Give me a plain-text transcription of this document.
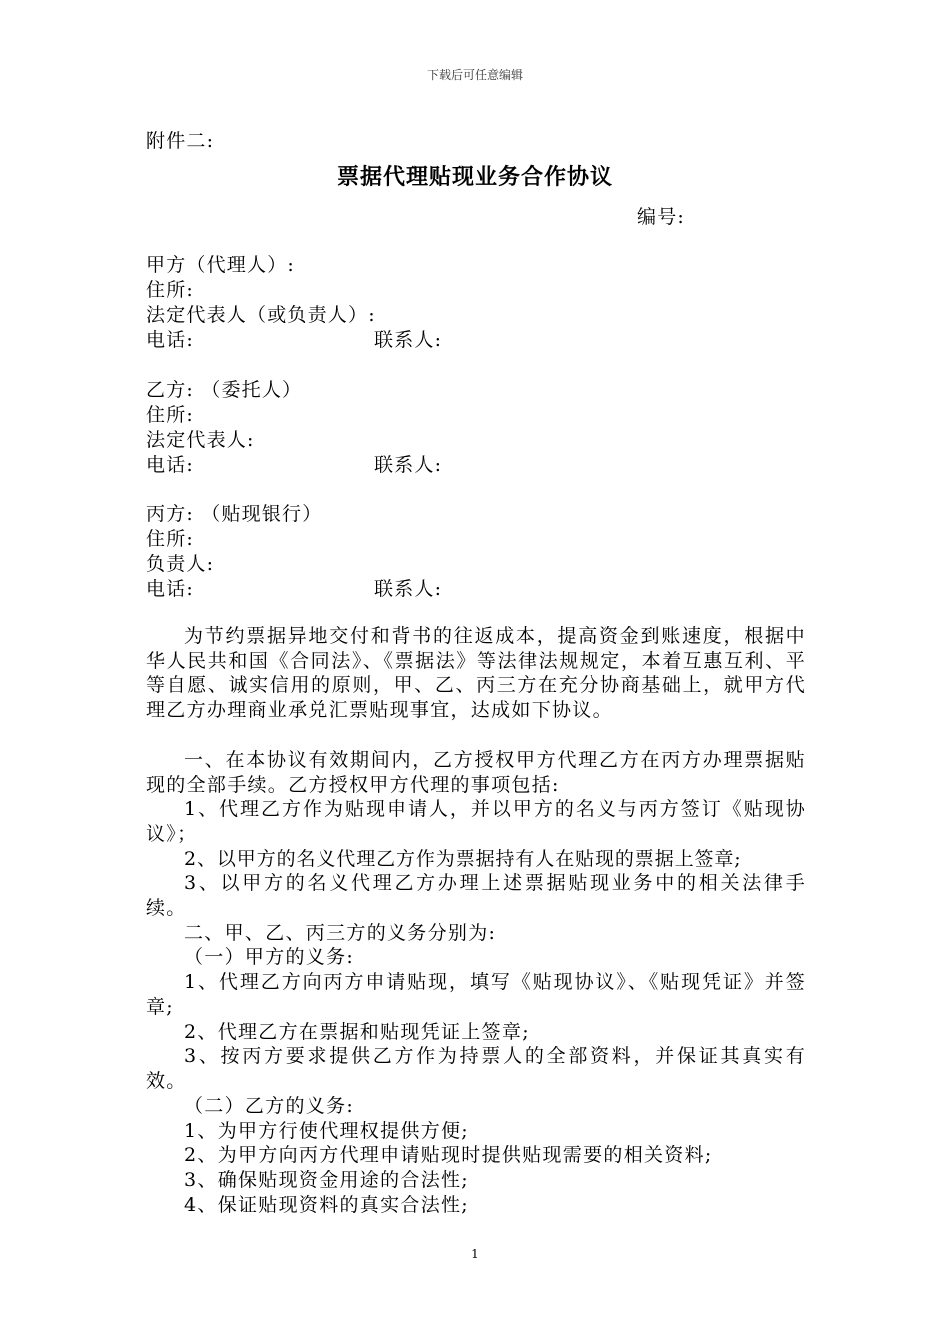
下载后可任意编辑
附件二:
票据代理贴现业务合作协议
编号:
甲方（代理人）:
住所:
法定代表人（或负责人）:
电话:	联系人:
乙方: （委托人）
住所:
法定代表人:
电话:	联系人:
丙方: （贴现银行）
住所:
负责人:
电话:	联系人:

为节约票据异地交付和背书的往返成本，提高资金到账速度，根据中华人民共和国《合同法》、《票据法》等法律法规规定，本着互惠互利、平等自愿、诚实信用的原则，甲、乙、丙三方在充分协商基础上，就甲方代理乙方办理商业承兑汇票贴现事宜，达成如下协议。

一、在本协议有效期间内，乙方授权甲方代理乙方在丙方办理票据贴现的全部手续。乙方授权甲方代理的事项包括:

1、代理乙方作为贴现申请人，并以甲方的名义与丙方签订《贴现协议》；

2、以甲方的名义代理乙方作为票据持有人在贴现的票据上签章;

3、以甲方的名义代理乙方办理上述票据贴现业务中的相关法律手续。

二、甲、乙、丙三方的义务分别为:

（一）甲方的义务:

1、代理乙方向丙方申请贴现，填写《贴现协议》、《贴现凭证》并签章;

2、代理乙方在票据和贴现凭证上签章;

3、按丙方要求提供乙方作为持票人的全部资料，并保证其真实有效。

（二）乙方的义务:

1、为甲方行使代理权提供方便;

2、为甲方向丙方代理申请贴现时提供贴现需要的相关资料;

3、确保贴现资金用途的合法性;

4、保证贴现资料的真实合法性;

1
